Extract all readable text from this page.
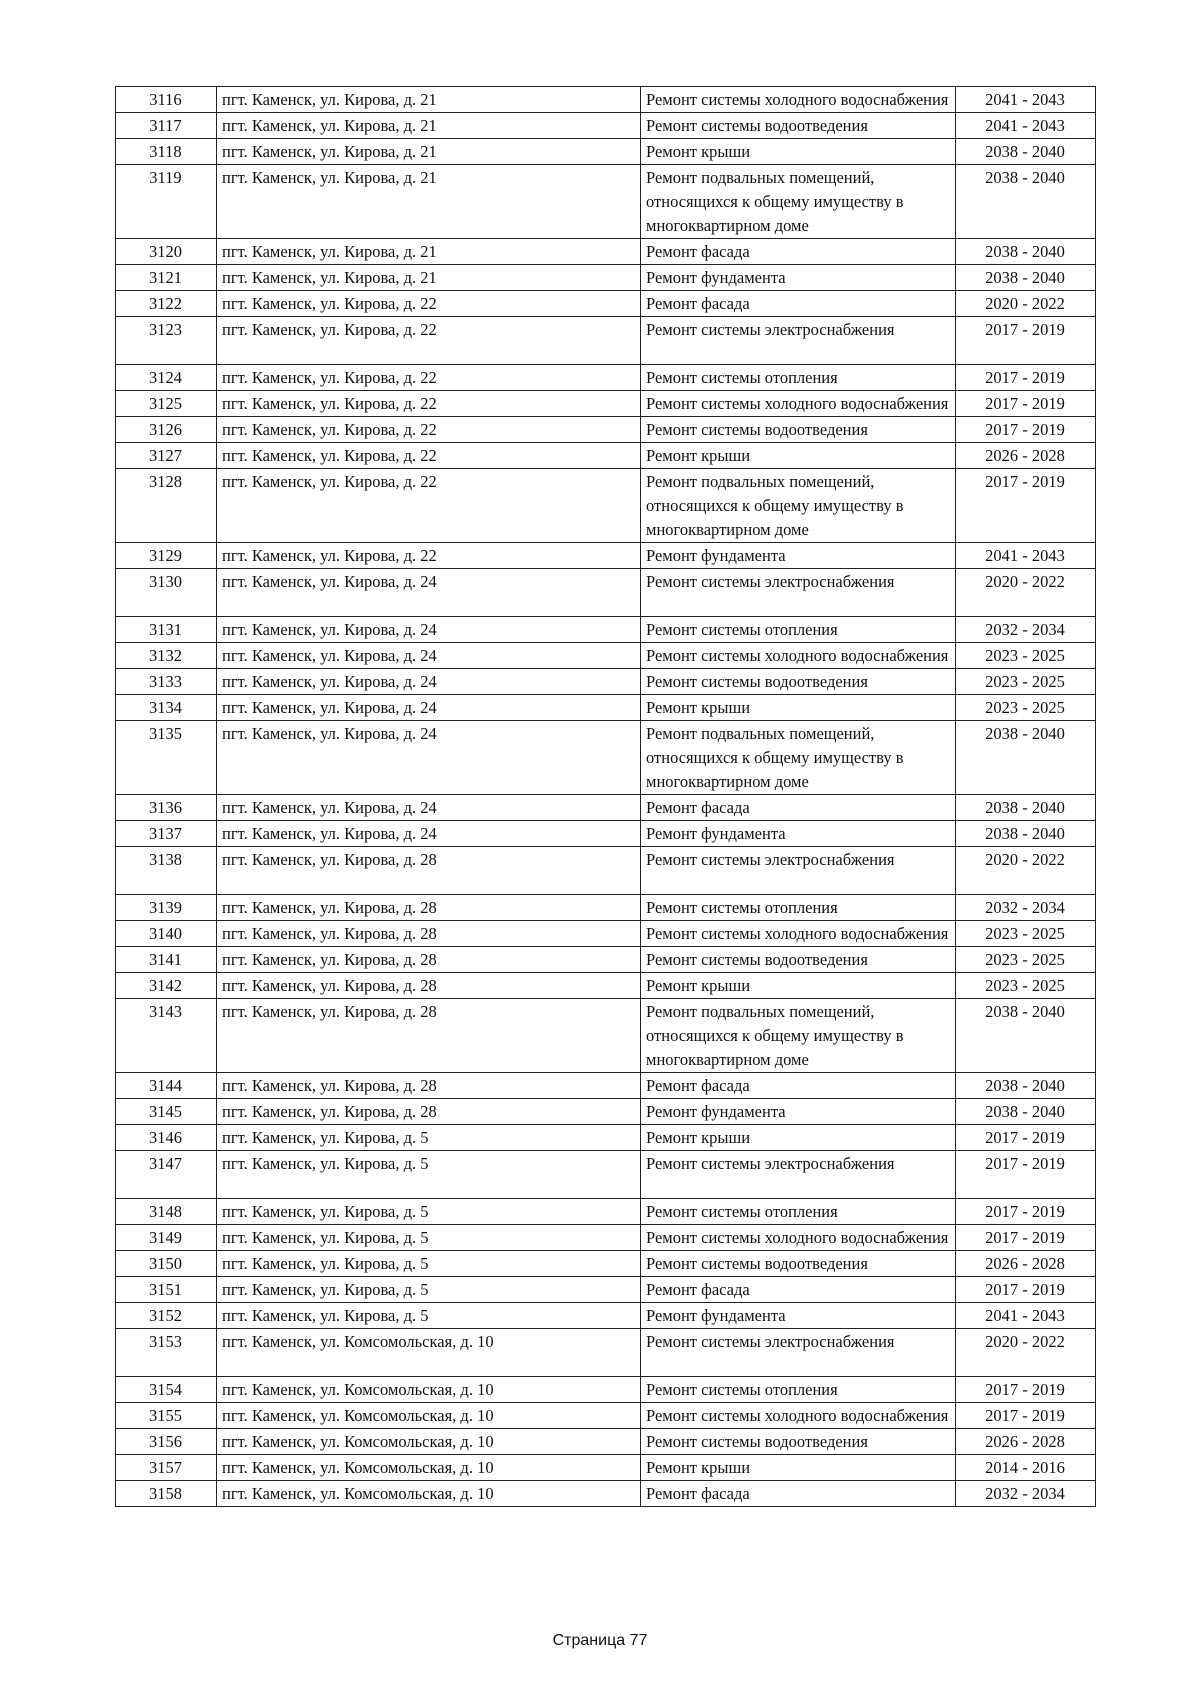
3116	пгт. Каменск, ул. Кирова, д. 21	Ремонт системы холодного водоснабжения	2041 - 2043
3117	пгт. Каменск, ул. Кирова, д. 21	Ремонт системы водоотведения	2041 - 2043
3118	пгт. Каменск, ул. Кирова, д. 21	Ремонт крыши	2038 - 2040
3119	пгт. Каменск, ул. Кирова, д. 21	Ремонт подвальных помещений, относящихся к общему имуществу в многоквартирном доме	2038 - 2040
3120	пгт. Каменск, ул. Кирова, д. 21	Ремонт фасада	2038 - 2040
3121	пгт. Каменск, ул. Кирова, д. 21	Ремонт фундамента	2038 - 2040
3122	пгт. Каменск, ул. Кирова, д. 22	Ремонт фасада	2020 - 2022
3123	пгт. Каменск, ул. Кирова, д. 22	Ремонт системы электроснабжения	2017 - 2019
3124	пгт. Каменск, ул. Кирова, д. 22	Ремонт системы отопления	2017 - 2019
3125	пгт. Каменск, ул. Кирова, д. 22	Ремонт системы холодного водоснабжения	2017 - 2019
3126	пгт. Каменск, ул. Кирова, д. 22	Ремонт системы водоотведения	2017 - 2019
3127	пгт. Каменск, ул. Кирова, д. 22	Ремонт крыши	2026 - 2028
3128	пгт. Каменск, ул. Кирова, д. 22	Ремонт подвальных помещений, относящихся к общему имуществу в многоквартирном доме	2017 - 2019
3129	пгт. Каменск, ул. Кирова, д. 22	Ремонт фундамента	2041 - 2043
3130	пгт. Каменск, ул. Кирова, д. 24	Ремонт системы электроснабжения	2020 - 2022
3131	пгт. Каменск, ул. Кирова, д. 24	Ремонт системы отопления	2032 - 2034
3132	пгт. Каменск, ул. Кирова, д. 24	Ремонт системы холодного водоснабжения	2023 - 2025
3133	пгт. Каменск, ул. Кирова, д. 24	Ремонт системы водоотведения	2023 - 2025
3134	пгт. Каменск, ул. Кирова, д. 24	Ремонт крыши	2023 - 2025
3135	пгт. Каменск, ул. Кирова, д. 24	Ремонт подвальных помещений, относящихся к общему имуществу в многоквартирном доме	2038 - 2040
3136	пгт. Каменск, ул. Кирова, д. 24	Ремонт фасада	2038 - 2040
3137	пгт. Каменск, ул. Кирова, д. 24	Ремонт фундамента	2038 - 2040
3138	пгт. Каменск, ул. Кирова, д. 28	Ремонт системы электроснабжения	2020 - 2022
3139	пгт. Каменск, ул. Кирова, д. 28	Ремонт системы отопления	2032 - 2034
3140	пгт. Каменск, ул. Кирова, д. 28	Ремонт системы холодного водоснабжения	2023 - 2025
3141	пгт. Каменск, ул. Кирова, д. 28	Ремонт системы водоотведения	2023 - 2025
3142	пгт. Каменск, ул. Кирова, д. 28	Ремонт крыши	2023 - 2025
3143	пгт. Каменск, ул. Кирова, д. 28	Ремонт подвальных помещений, относящихся к общему имуществу в многоквартирном доме	2038 - 2040
3144	пгт. Каменск, ул. Кирова, д. 28	Ремонт фасада	2038 - 2040
3145	пгт. Каменск, ул. Кирова, д. 28	Ремонт фундамента	2038 - 2040
3146	пгт. Каменск, ул. Кирова, д. 5	Ремонт крыши	2017 - 2019
3147	пгт. Каменск, ул. Кирова, д. 5	Ремонт системы электроснабжения	2017 - 2019
3148	пгт. Каменск, ул. Кирова, д. 5	Ремонт системы отопления	2017 - 2019
3149	пгт. Каменск, ул. Кирова, д. 5	Ремонт системы холодного водоснабжения	2017 - 2019
3150	пгт. Каменск, ул. Кирова, д. 5	Ремонт системы водоотведения	2026 - 2028
3151	пгт. Каменск, ул. Кирова, д. 5	Ремонт фасада	2017 - 2019
3152	пгт. Каменск, ул. Кирова, д. 5	Ремонт фундамента	2041 - 2043
3153	пгт. Каменск, ул. Комсомольская, д. 10	Ремонт системы электроснабжения	2020 - 2022
3154	пгт. Каменск, ул. Комсомольская, д. 10	Ремонт системы отопления	2017 - 2019
3155	пгт. Каменск, ул. Комсомольская, д. 10	Ремонт системы холодного водоснабжения	2017 - 2019
3156	пгт. Каменск, ул. Комсомольская, д. 10	Ремонт системы водоотведения	2026 - 2028
3157	пгт. Каменск, ул. Комсомольская, д. 10	Ремонт крыши	2014 - 2016
3158	пгт. Каменск, ул. Комсомольская, д. 10	Ремонт фасада	2032 - 2034
Страница 77
